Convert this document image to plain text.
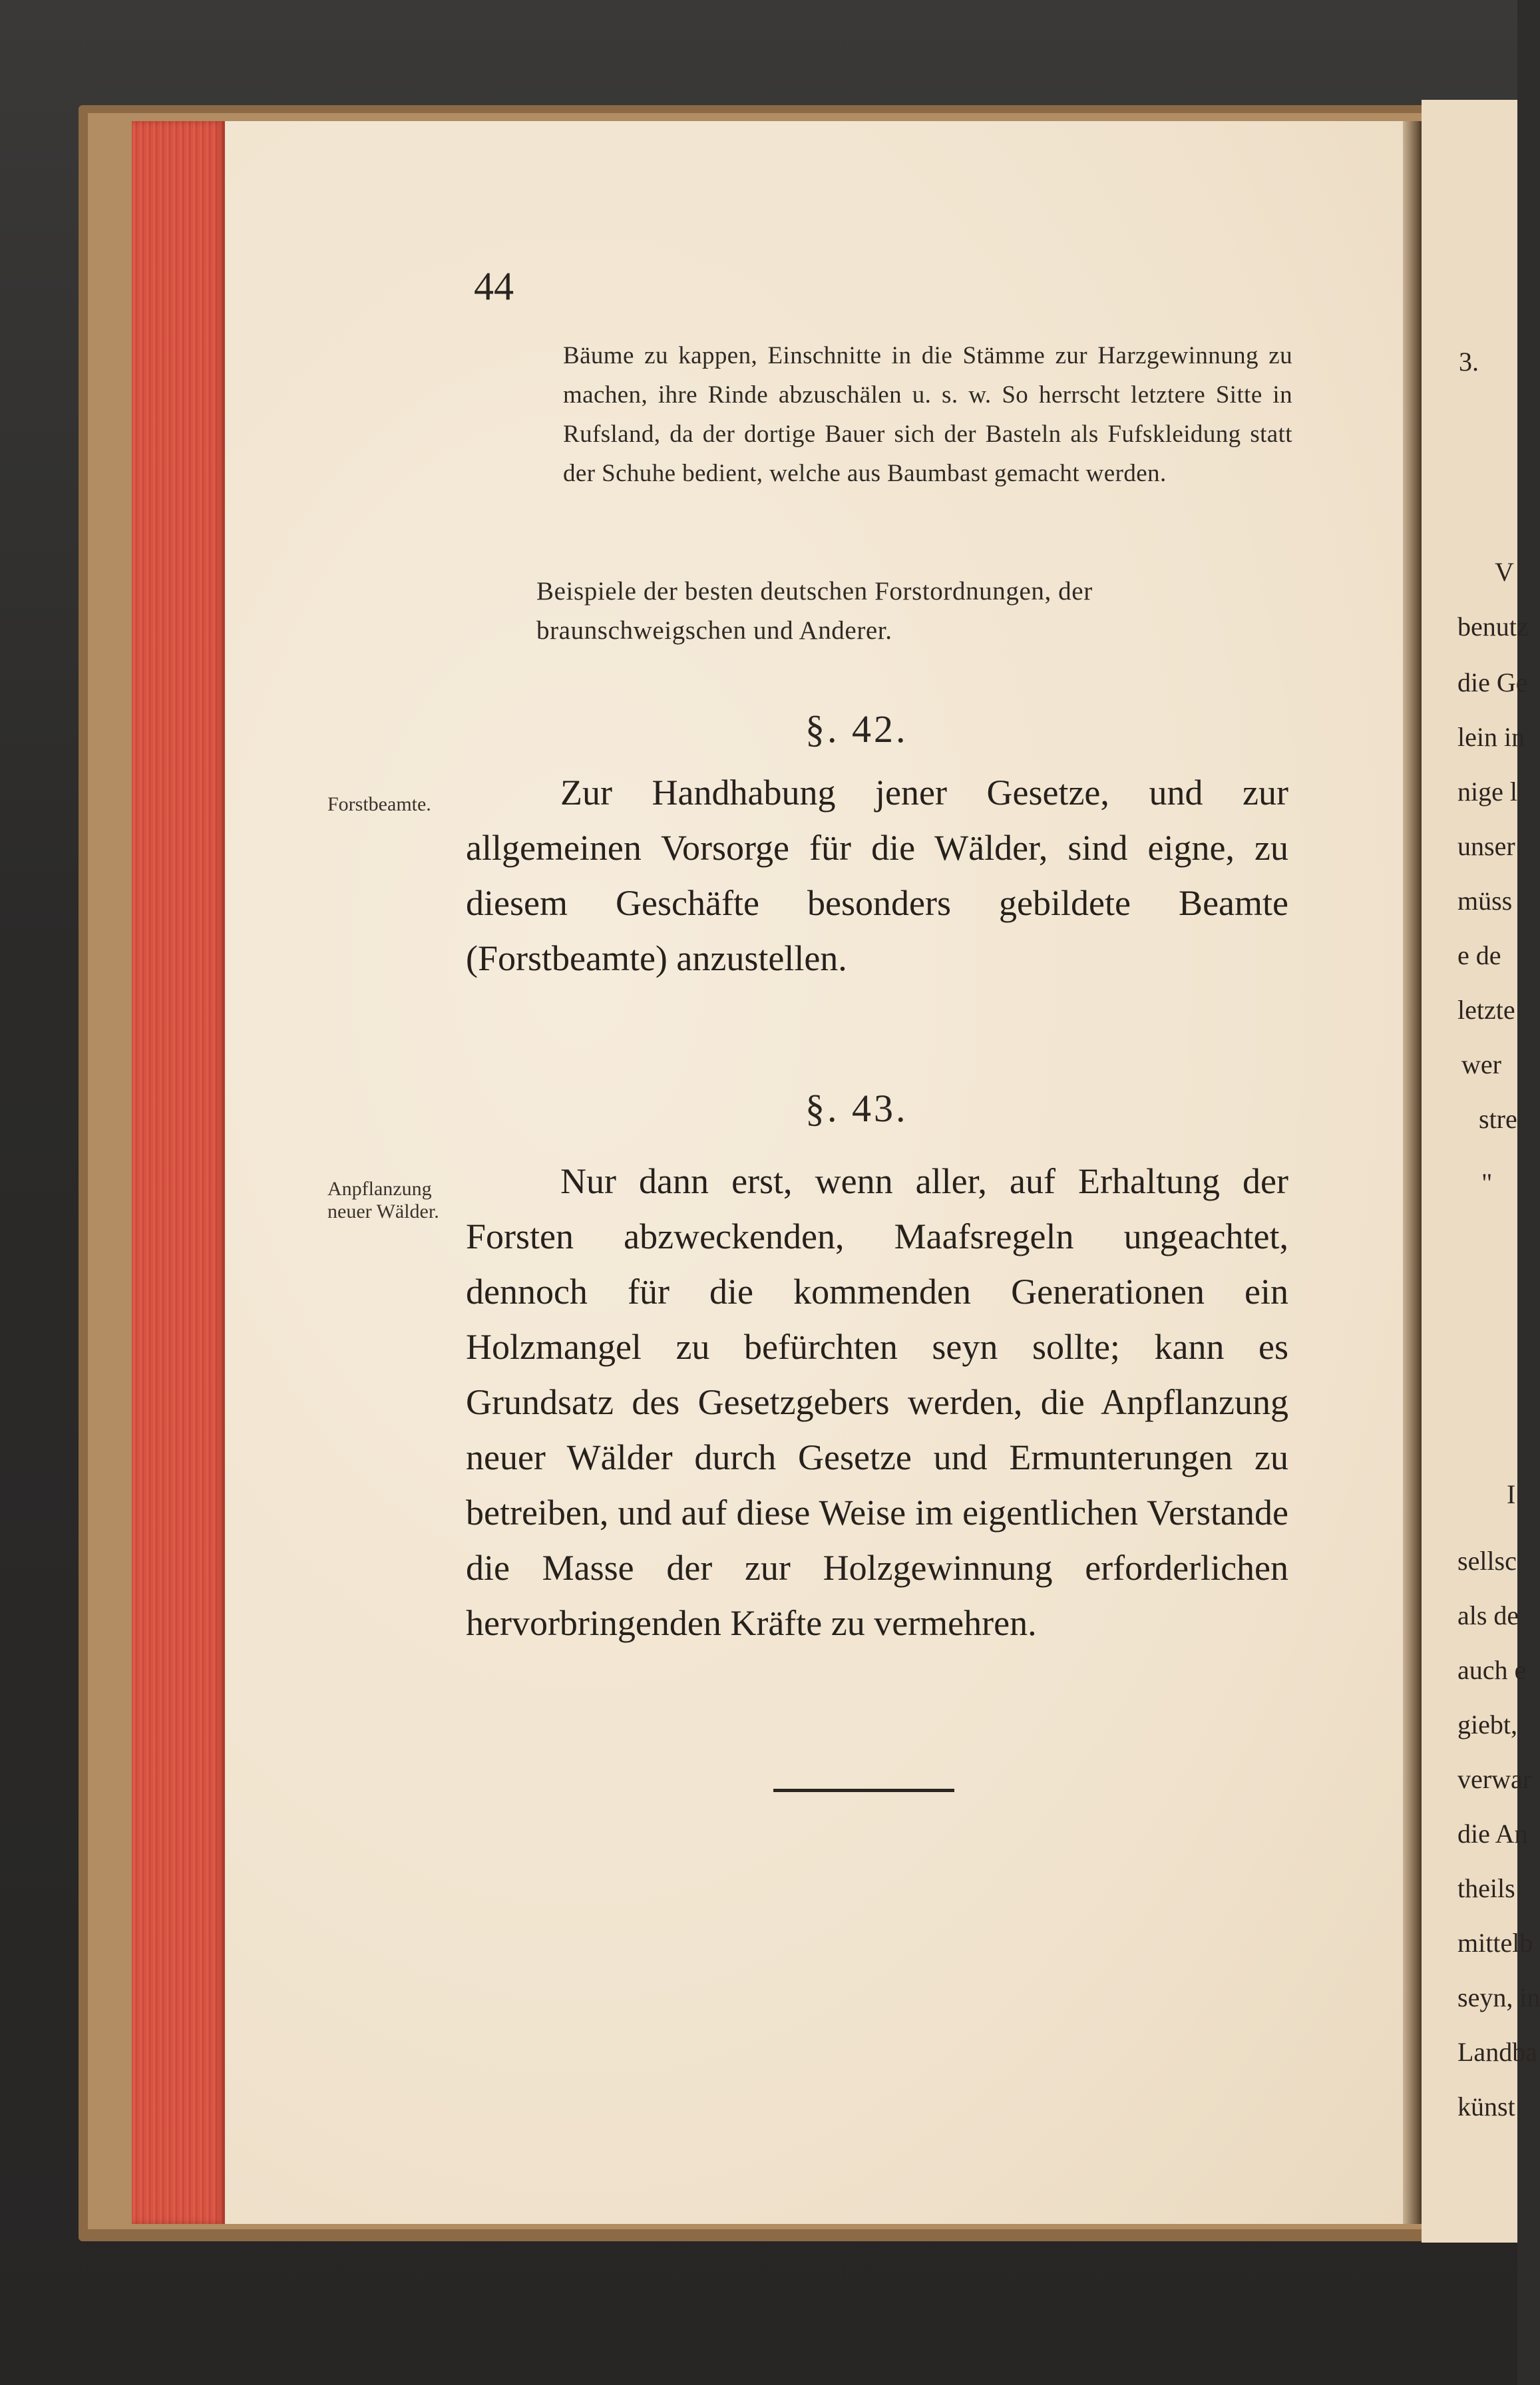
44
Bäume zu kappen, Einschnitte in die Stämme zur Harzgewinnung zu machen, ihre Rinde abzuschälen u. s. w. So herrscht letztere Sitte in Rufsland, da der dortige Bauer sich der Basteln als Fufskleidung statt der Schuhe bedient, welche aus Baumbast gemacht werden.
Beispiele der besten deutschen Forstordnungen, der braunschweigschen und Anderer.
§. 42.
Forstbeamte.	Zur Handhabung jener Gesetze, und zur allgemeinen Vorsorge für die Wälder, sind eigne, zu diesem Geschäfte besonders gebildete Beamte (Forstbeamte) anzustellen.
§. 43.
Anpflanzung neuer Wälder.
Nur dann erst, wenn aller, auf Erhaltung der Forsten abzweckenden, Maafsregeln ungeachtet, dennoch für die kommenden Generationen ein Holzmangel zu befürchten seyn sollte; kann es Grundsatz des Gesetzgebers werden, die Anpflanzung neuer Wälder durch Gesetze und Ermunterungen zu betreiben, und auf diese Weise im eigentlichen Verstande die Masse der zur Holzgewinnung erforderlichen hervorbringenden Kräfte zu vermehren.
3.
V
benutz
die Ge
lein in
nige l
unser
müss
e de
letzte
wer
stre
"
I
sellsc
als de
auch e
giebt,
verwar
die An
theils
mittelb
seyn, in
Landba
künst
